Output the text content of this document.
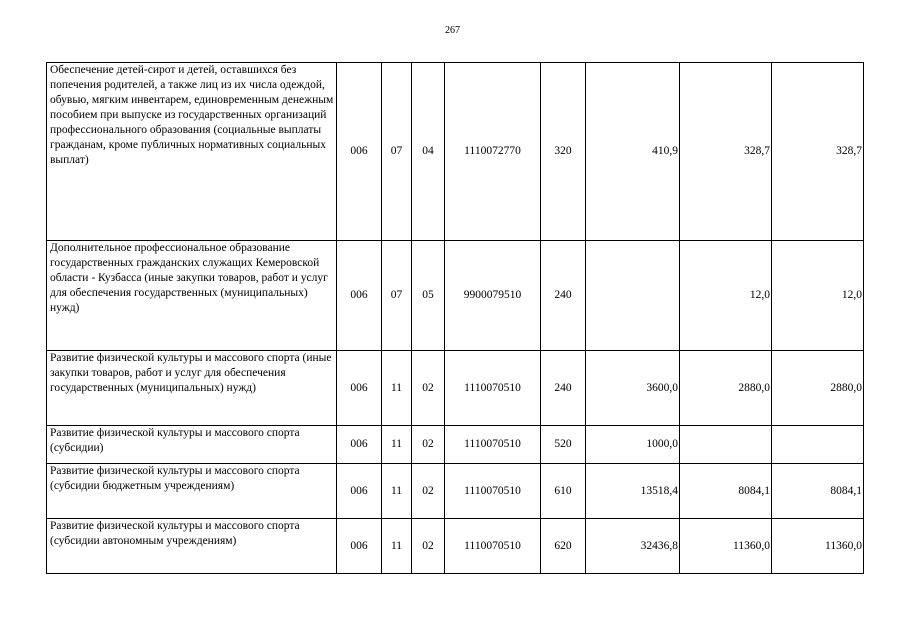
267
Обеспечение детей-сирот и детей, оставшихся без попечения родителей, а также лиц из их числа одеждой, обувью, мягким инвентарем, единовременным денежным пособием при выпуске из государственных организаций профессионального образования (социальные выплаты гражданам, кроме публичных нормативных социальных выплат)	006	07	04	1110072770	320	410,9	328,7	328,7
Дополнительное профессиональное образование государственных гражданских служащих Кемеровской области - Кузбасса (иные закупки товаров, работ и услуг для обеспечения государственных (муниципальных) нужд)	006	07	05	9900079510	240		12,0	12,0
Развитие физической культуры и массового спорта (иные закупки товаров, работ и услуг для обеспечения государственных (муниципальных) нужд)	006	11	02	1110070510	240	3600,0	2880,0	2880,0
Развитие физической культуры и массового спорта (субсидии)	006	11	02	1110070510	520	1000,0		
Развитие физической культуры и массового спорта (субсидии бюджетным учреждениям)	006	11	02	1110070510	610	13518,4	8084,1	8084,1
Развитие физической культуры и массового спорта (субсидии автономным учреждениям)	006	11	02	1110070510	620	32436,8	11360,0	11360,0
